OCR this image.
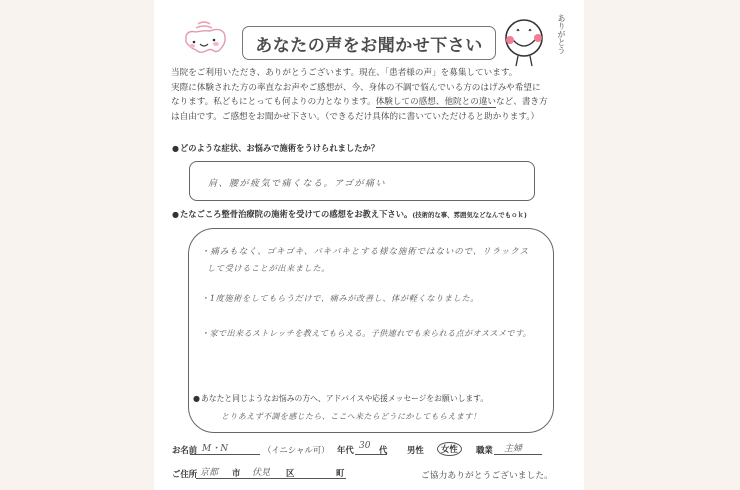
あなたの声をお聞かせ下さい	ありがとう

当院をご利用いただき、ありがとうございます。現在、「患者様の声」を募集しています。

実際に体験された方の率直なお声やご感想が、今、身体の不調で悩んでいる方のはげみや希望に

なります。私どもにとっても何よりの力となります。体験しての感想、他院との違いなど、書き方

は自由です。ご感想をお聞かせ下さい。（できるだけ具体的に書いていただけると助かります。）

●どのような症状、お悩みで施術をうけられましたか？
肩、腰が疲気で痛くなる。アゴが痛い
●たなごころ整骨治療院の施術を受けての感想をお教え下さい。(技術的な事、雰囲気などなんでもｏｋ)
・痛みもなく、ゴキゴキ、バキバキとする様な施術ではないので、リラックス
して受けることが出来ました。
・1度施術をしてもらうだけで、痛みが改善し、体が軽くなりました。
・家で出来るストレッチを教えてもらえる。子供連れでも来られる点がオススメです。
●あなたと同じようなお悩みの方へ、アドバイスや応援メッセージをお願いします。
とりあえず不調を感じたら、ここへ来たらどうにかしてもらえます！
お名前 M・N	（イニシャル可） 年代 30 代 男性	女性	職業 主婦
ご住所 京都 市 伏見 区	町	ご協力ありがとうございました。
